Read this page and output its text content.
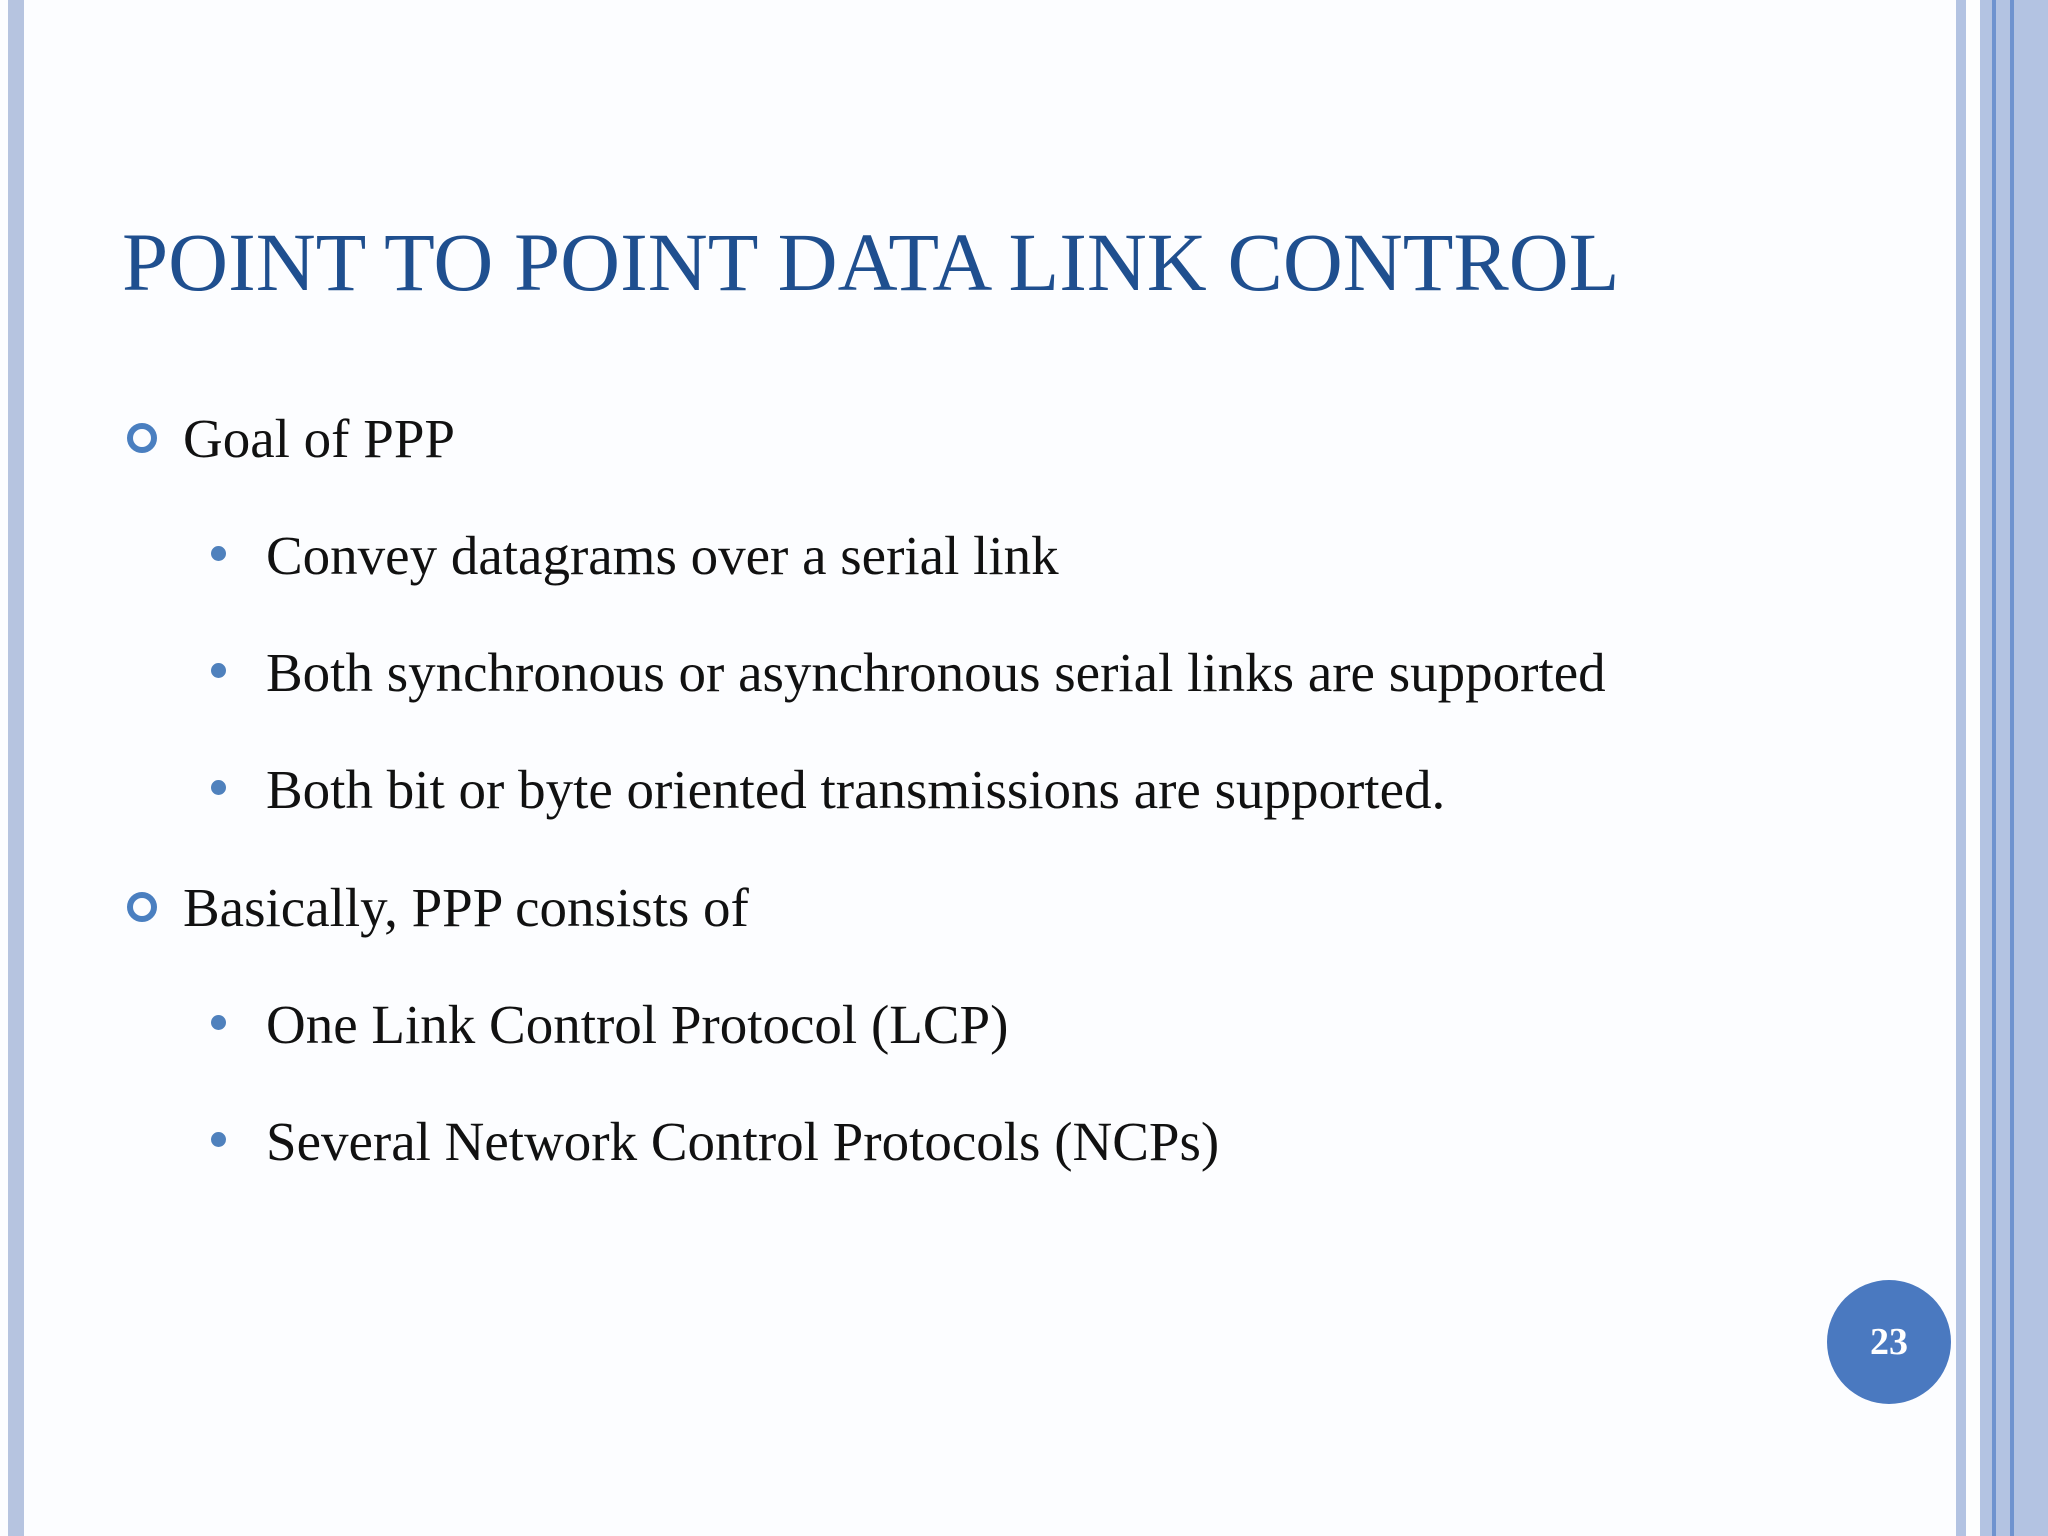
POINT TO POINT DATA LINK CONTROL
Goal of PPP
Convey datagrams over a serial link
Both synchronous or asynchronous serial links are supported
Both bit or byte oriented transmissions are supported.
Basically, PPP consists of
One Link Control Protocol (LCP)
Several Network Control Protocols (NCPs)
23
